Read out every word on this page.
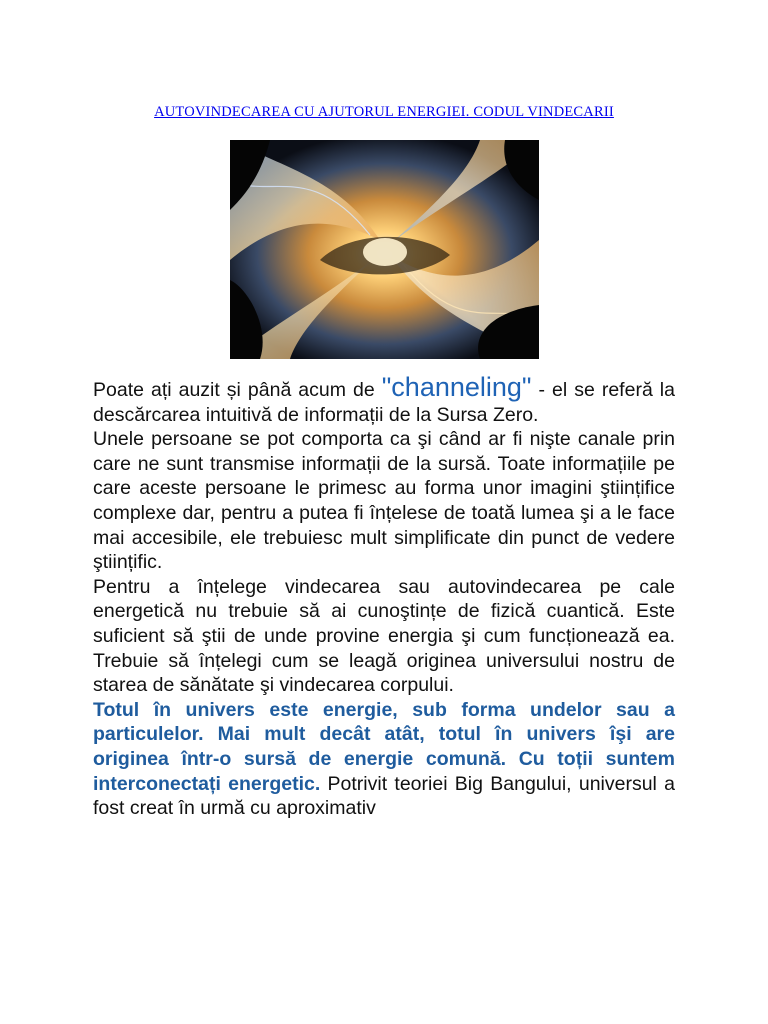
AUTOVINDECAREA CU AJUTORUL ENERGIEI. CODUL VINDECARII

Poate ați auzit și până acum de "channeling" - el se referă la descărcarea intuitivă de informații de la Sursa Zero.

Unele persoane se pot comporta ca şi când ar fi nişte canale prin care ne sunt transmise informații de la sursă. Toate informațiile pe care aceste persoane le primesc au forma unor imagini ştiințifice complexe dar, pentru a putea fi înțelese de toată lumea şi a le face mai accesibile, ele trebuiesc mult simplificate din punct de vedere ştiințific.

Pentru a înțelege vindecarea sau autovindecarea pe cale energetică nu trebuie să ai cunoştințe de fizică cuantică. Este suficient să ştii de unde provine energia şi cum funcționează ea. Trebuie să înțelegi cum se leagă originea universului nostru de starea de sănătate şi vindecarea corpului.

Totul în univers este energie, sub forma undelor sau a particulelor. Mai mult decât atât, totul în univers îşi are originea într-o sursă de energie comună. Cu toții suntem interconectați energetic. Potrivit teoriei Big Bangului, universul a fost creat în urmă cu aproximativ
